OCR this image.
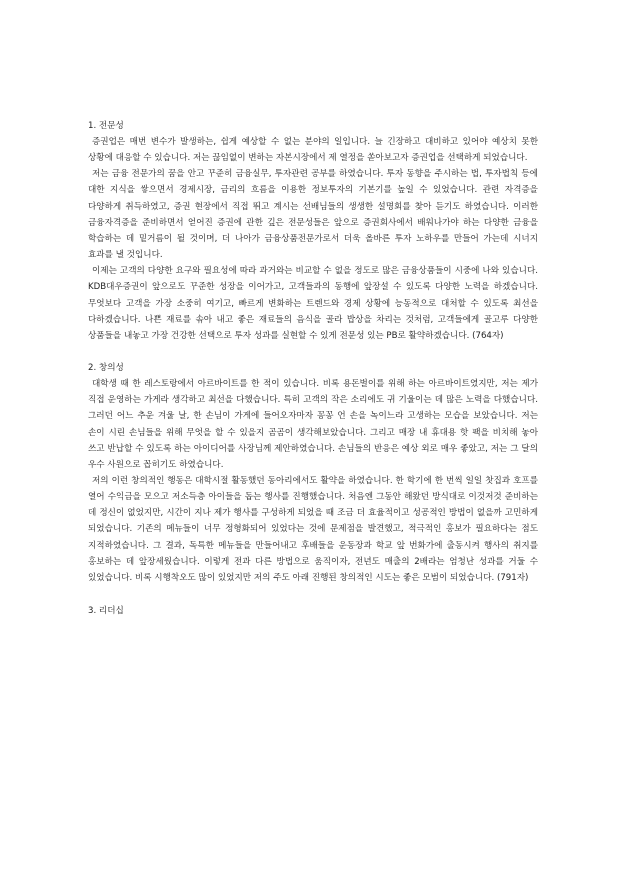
1. 전문성

증권업은 매번 변수가 발생하는, 쉽게 예상할 수 없는 분야의 일입니다. 늘 긴장하고 대비하고 있어야 예상치 못한 상황에 대응할 수 있습니다. 저는 끊임없이 변하는 자본시장에서 제 열정을 쏟아보고자 증권업을 선택하게 되었습니다.

저는 금융 전문가의 꿈을 안고 꾸준히 금융실무, 투자관련 공부를 하였습니다. 투자 동향을 주시하는 법, 투자법칙 등에 대한 지식을 쌓으면서 경제시장, 금리의 흐름을 이용한 정보투자의 기본기를 높일 수 있었습니다. 관련 자격증을 다양하게 취득하였고, 증권 현장에서 직접 뛰고 계시는 선배님들의 생생한 설명회를 찾아 듣기도 하였습니다. 이러한 금융자격증을 준비하면서 얻어진 증권에 관한 깊은 전문성들은 앞으로 증권회사에서 배워나가야 하는 다양한 금융을 학습하는 데 밑거름이 될 것이며, 더 나아가 금융상품전문가로서 더욱 올바른 투자 노하우를 만들어 가는데 시너지 효과를 낼 것입니다.

이제는 고객의 다양한 요구와 필요성에 따라 과거와는 비교할 수 없을 정도로 많은 금융상품들이 시중에 나와 있습니다. KDB대우증권이 앞으로도 꾸준한 성장을 이어가고, 고객들과의 동행에 앞장설 수 있도록 다양한 노력을 하겠습니다. 무엇보다 고객을 가장 소중히 여기고, 빠르게 변화하는 트렌드와 경제 상황에 능동적으로 대처할 수 있도록 최선을 다하겠습니다. 나쁜 재료를 솎아 내고 좋은 재료들의 음식을 골라 밥상을 차리는 것처럼, 고객들에게 골고루 다양한 상품들을 내놓고 가장 건강한 선택으로 투자 성과를 실현할 수 있게 전문성 있는 PB로 활약하겠습니다. (764자)

2. 창의성

대학생 때 한 레스토랑에서 아르바이트를 한 적이 있습니다. 비록 용돈벌이를 위해 하는 아르바이트였지만, 저는 제가 직접 운영하는 가게라 생각하고 최선을 다했습니다. 특히 고객의 작은 소리에도 귀 기울이는 데 많은 노력을 다했습니다. 그러던 어느 추운 겨울 날, 한 손님이 가게에 들어오자마자 꽁꽁 언 손을 녹이느라 고생하는 모습을 보았습니다. 저는 손이 시린 손님들을 위해 무엇을 할 수 있을지 곰곰이 생각해보았습니다. 그리고 매장 내 휴대용 핫 팩을 비치해 놓아 쓰고 반납할 수 있도록 하는 아이디어를 사장님께 제안하였습니다. 손님들의 반응은 예상 외로 매우 좋았고, 저는 그 달의 우수 사원으로 꼽히기도 하였습니다.

저의 이런 창의적인 행동은 대학시절 활동했던 동아리에서도 활약을 하였습니다. 한 학기에 한 번씩 일일 찻집과 호프를 열어 수익금을 모으고 저소득층 아이들을 돕는 행사를 진행했습니다. 처음엔 그동안 해왔던 방식대로 이것저것 준비하는 데 정신이 없었지만, 시간이 지나 제가 행사를 구성하게 되었을 때 조금 더 효율적이고 성공적인 방법이 없을까 고민하게 되었습니다. 기존의 메뉴들이 너무 정형화되어 있었다는 것에 문제점을 발견했고, 적극적인 홍보가 필요하다는 점도 지적하였습니다. 그 결과, 독특한 메뉴들을 만들어내고 후배들을 운동장과 학교 앞 번화가에 출동시켜 행사의 취지를 홍보하는 데 앞장세웠습니다. 이렇게 전과 다른 방법으로 움직이자, 전년도 매출의 2배라는 엄청난 성과를 거둘 수 있었습니다. 비록 시행착오도 많이 있었지만 저의 주도 아래 진행된 창의적인 시도는 좋은 모범이 되었습니다. (791자)

3. 리더십
